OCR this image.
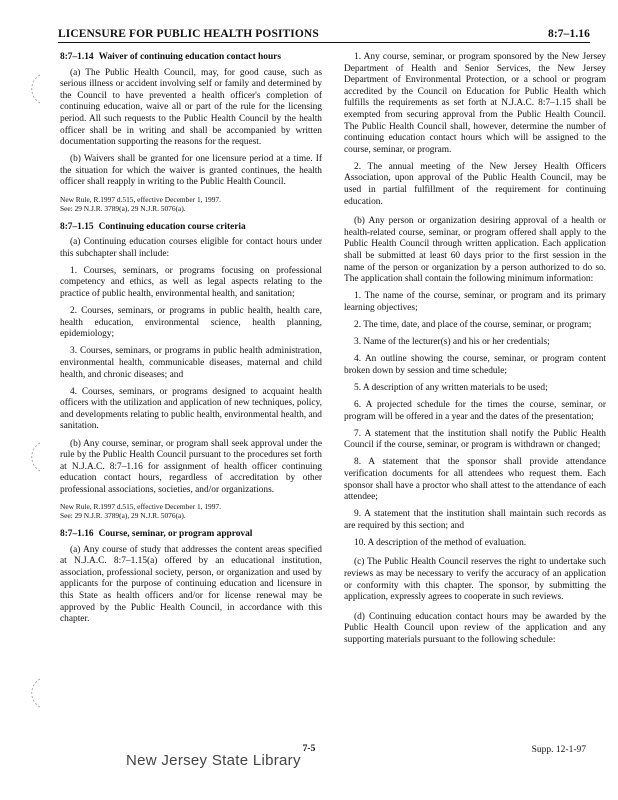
LICENSURE FOR PUBLIC HEALTH POSITIONS	8:7–1.16
8:7–1.14 Waiver of continuing education contact hours

(a) The Public Health Council, may, for good cause, such as serious illness or accident involving self or family and determined by the Council to have prevented a health officer's completion of continuing education, waive all or part of the rule for the licensing period. All such requests to the Public Health Council by the health officer shall be in writing and shall be accompanied by written documentation supporting the reasons for the request.

(b) Waivers shall be granted for one licensure period at a time. If the situation for which the waiver is granted continues, the health officer shall reapply in writing to the Public Health Council.

New Rule, R.1997 d.515, effective December 1, 1997.
See: 29 N.J.R. 3789(a), 29 N.J.R. 5076(a).

8:7–1.15 Continuing education course criteria

(a) Continuing education courses eligible for contact hours under this subchapter shall include:

1. Courses, seminars, or programs focusing on professional competency and ethics, as well as legal aspects relating to the practice of public health, environmental health, and sanitation;

2. Courses, seminars, or programs in public health, health care, health education, environmental science, health planning, epidemiology;

3. Courses, seminars, or programs in public health administration, environmental health, communicable diseases, maternal and child health, and chronic diseases; and

4. Courses, seminars, or programs designed to acquaint health officers with the utilization and application of new techniques, policy, and developments relating to public health, environmental health, and sanitation.

(b) Any course, seminar, or program shall seek approval under the rule by the Public Health Council pursuant to the procedures set forth at N.J.A.C. 8:7–1.16 for assignment of health officer continuing education contact hours, regardless of accreditation by other professional associations, societies, and/or organizations.

New Rule, R.1997 d.515, effective December 1, 1997.
See: 29 N.J.R. 3789(a), 29 N.J.R. 5076(a).

8:7–1.16 Course, seminar, or program approval

(a) Any course of study that addresses the content areas specified at N.J.A.C. 8:7–1.15(a) offered by an educational institution, association, professional society, person, or organization and used by applicants for the purpose of continuing education and licensure in this State as health officers and/or for license renewal may be approved by the Public Health Council, in accordance with this chapter.

1. Any course, seminar, or program sponsored by the New Jersey Department of Health and Senior Services, the New Jersey Department of Environmental Protection, or a school or program accredited by the Council on Education for Public Health which fulfills the requirements as set forth at N.J.A.C. 8:7–1.15 shall be exempted from securing approval from the Public Health Council. The Public Health Council shall, however, determine the number of continuing education contact hours which will be assigned to the course, seminar, or program.

2. The annual meeting of the New Jersey Health Officers Association, upon approval of the Public Health Council, may be used in partial fulfillment of the requirement for continuing education.

(b) Any person or organization desiring approval of a health or health-related course, seminar, or program offered shall apply to the Public Health Council through written application. Each application shall be submitted at least 60 days prior to the first session in the name of the person or organization by a person authorized to do so. The application shall contain the following minimum information:

1. The name of the course, seminar, or program and its primary learning objectives;

2. The time, date, and place of the course, seminar, or program;

3. Name of the lecturer(s) and his or her credentials;

4. An outline showing the course, seminar, or program content broken down by session and time schedule;

5. A description of any written materials to be used;

6. A projected schedule for the times the course, seminar, or program will be offered in a year and the dates of the presentation;

7. A statement that the institution shall notify the Public Health Council if the course, seminar, or program is withdrawn or changed;

8. A statement that the sponsor shall provide attendance verification documents for all attendees who request them. Each sponsor shall have a proctor who shall attest to the attendance of each attendee;

9. A statement that the institution shall maintain such records as are required by this section; and

10. A description of the method of evaluation.

(c) The Public Health Council reserves the right to undertake such reviews as may be necessary to verify the accuracy of an application or conformity with this chapter. The sponsor, by submitting the application, expressly agrees to cooperate in such reviews.

(d) Continuing education contact hours may be awarded by the Public Health Council upon review of the application and any supporting materials pursuant to the following schedule:

7-5	Supp. 12-1-97
New Jersey State Library
